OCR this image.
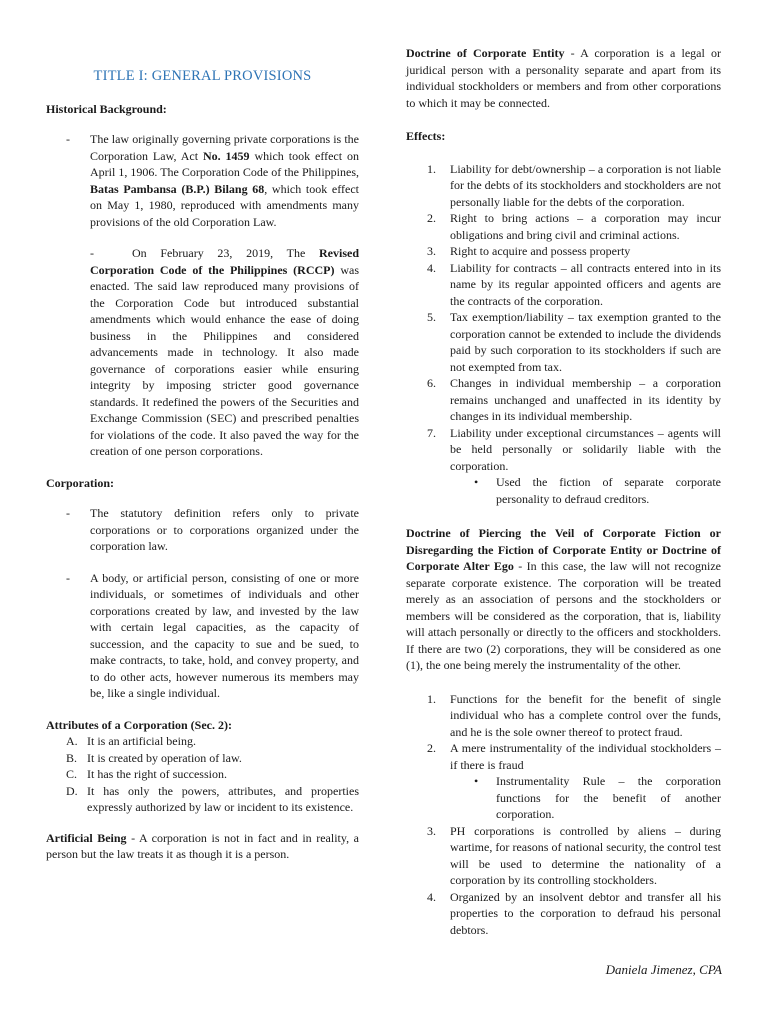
TITLE I: GENERAL PROVISIONS

Historical Background:

-	The law originally governing private corporations is the Corporation Law, Act No. 1459 which took effect on April 1, 1906. The Corporation Code of the Philippines, Batas Pambansa (B.P.) Bilang 68, which took effect on May 1, 1980, reproduced with amendments many provisions of the old Corporation Law.

-	On February 23, 2019, The Revised Corporation Code of the Philippines (RCCP) was enacted. The said law reproduced many provisions of the Corporation Code but introduced substantial amendments which would enhance the ease of doing business in the Philippines and considered advancements made in technology. It also made governance of corporations easier while ensuring integrity by imposing stricter good governance standards. It redefined the powers of the Securities and Exchange Commission (SEC) and prescribed penalties for violations of the code. It also paved the way for the creation of one person corporations.

Corporation:

-	The statutory definition refers only to private corporations or to corporations organized under the corporation law.
-	A body, or artificial person, consisting of one or more individuals, or sometimes of individuals and other corporations created by law, and invested by the law with certain legal capacities, as the capacity of succession, and the capacity to sue and be sued, to make contracts, to take, hold, and convey property, and to do other acts, however numerous its members may be, like a single individual.

Attributes of a Corporation (Sec. 2):

A. It is an artificial being.
B. It is created by operation of law.
C. It has the right of succession.
D. It has only the powers, attributes, and properties expressly authorized by law or incident to its existence.

Artificial Being - A corporation is not in fact and in reality, a person but the law treats it as though it is a person.

Doctrine of Corporate Entity - A corporation is a legal or juridical person with a personality separate and apart from its individual stockholders or members and from other corporations to which it may be connected.

Effects:

1.	Liability for debt/ownership – a corporation is not liable for the debts of its stockholders and stockholders are not personally liable for the debts of the corporation.
2.	Right to bring actions – a corporation may incur obligations and bring civil and criminal actions.
3.	Right to acquire and possess property
4.	Liability for contracts – all contracts entered into in its name by its regular appointed officers and agents are the contracts of the corporation.
5.	Tax exemption/liability – tax exemption granted to the corporation cannot be extended to include the dividends paid by such corporation to its stockholders if such are not exempted from tax.
6.	Changes in individual membership – a corporation remains unchanged and unaffected in its identity by changes in its individual membership.
7.	Liability under exceptional circumstances – agents will be held personally or solidarily liable with the corporation.
•	Used the fiction of separate corporate personality to defraud creditors.

Doctrine of Piercing the Veil of Corporate Fiction or Disregarding the Fiction of Corporate Entity or Doctrine of Corporate Alter Ego - In this case, the law will not recognize separate corporate existence. The corporation will be treated merely as an association of persons and the stockholders or members will be considered as the corporation, that is, liability will attach personally or directly to the officers and stockholders. If there are two (2) corporations, they will be considered as one (1), the one being merely the instrumentality of the other.

1.	Functions for the benefit for the benefit of single individual who has a complete control over the funds, and he is the sole owner thereof to protect fraud.
2.	A mere instrumentality of the individual stockholders – if there is fraud
•	Instrumentality Rule – the corporation functions for the benefit of another corporation.
3.	PH corporations is controlled by aliens – during wartime, for reasons of national security, the control test will be used to determine the nationality of a corporation by its controlling stockholders.
4.	Organized by an insolvent debtor and transfer all his properties to the corporation to defraud his personal debtors.
Daniela Jimenez, CPA
